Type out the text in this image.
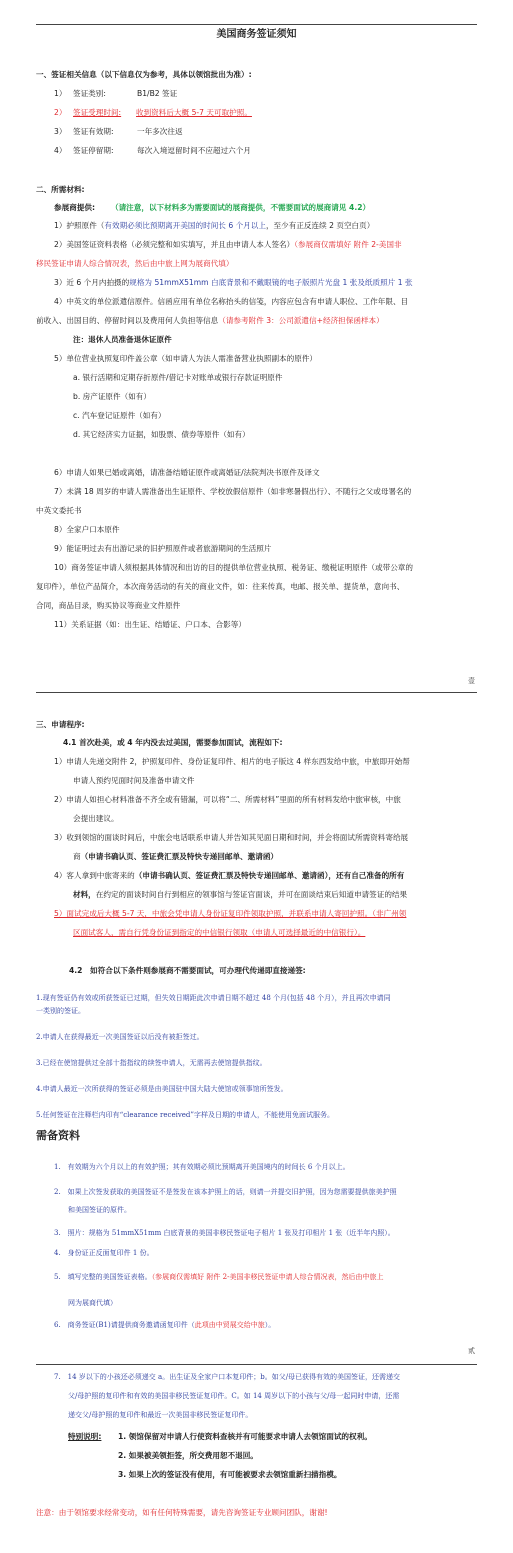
美国商务签证须知
一、签证相关信息（以下信息仅为参考，具体以领馆批出为准）:
1） 签证类别:	B1/B2 签证
2） 签证受理时间: 收到资料后大概 5-7 天可取护照。
3） 签证有效期:	一年多次往返
4） 签证停留期:	每次入境逗留时间不应超过六个月
二、所需材料:
参展商提供: （请注意，以下材料多为需要面试的展商提供，不需要面试的展商请见 4.2）
1）护照原件（有效期必须比预期离开美国的时间长 6 个月以上，至少有正反连续 2 页空白页）
2）美国签证资料表格（必须完整和如实填写，并且由申请人本人签名）（参展商仅需填好 附件 2-美国非
移民签证申请人综合情况表，然后由中旅上网为展商代填）
3）近 6 个月内拍摄的规格为 51mmX51mm 白底背景和不戴眼镜的电子版照片光盘 1 张及纸质照片 1 张
4）中英文的单位派遣信原件。信函应用有单位名称抬头的信笺，内容应包含有申请人职位、工作年限、目
前收入、出国目的、停留时间以及费用何人负担等信息（请参考附件 3：公司派遣信+经济担保函样本）
注：退休人员准备退休证原件
5）单位营业执照复印件盖公章（如申请人为法人需准备营业执照副本的原件）
a. 银行活期和定期存折原件/借记卡对账单或银行存款证明原件
b. 房产证原件（如有）
c. 汽车登记证原件（如有）
d. 其它经济实力证据，如股票、债券等原件（如有）
6）申请人如果已婚或离婚，请准备结婚证原件或离婚证/法院判决书原件及译文
7）未满 18 周岁的申请人需准备出生证原件、学校放假信原件（如非寒暑假出行）、不随行之父或母署名的
中英文委托书
8）全家户口本原件
9）能证明过去有出游记录的旧护照原件或者旅游期间的生活照片
10）商务签证申请人须根据具体情况和出访的目的提供单位营业执照、税务证、缴税证明原件（或带公章的
复印件），单位产品简介，本次商务活动的有关的商业文件，如：往来传真，电邮、报关单、提货单，意向书、
合同，商品目录，购买协议等商业文件原件
11）关系证据（如：出生证、结婚证、户口本、合影等）
壹
三、申请程序:
4.1 首次赴美，或 4 年内没去过美国，需要参加面试，流程如下:
1）申请人先递交附件 2，护照复印件、身份证复印件、相片的电子版这 4 样东西发给中旅，中旅即开始帮
申请人预约见面时间及准备申请文件
2）申请人如担心材料准备不齐全或有错漏，可以将“二、所需材料”里面的所有材料发给中旅审核，中旅
会提出建议。
3）收到领馆的面谈时间后，中旅会电话联系申请人并告知其见面日期和时间，并会将面试所需资料寄给展
商（申请书确认页、签证费汇票及特快专递回邮单、邀请函）
4）客人拿到中旅寄来的（申请书确认页、签证费汇票及特快专递回邮单、邀请函），还有自己准备的所有
材料，在约定的面谈时间自行到相应的领事馆与签证官面谈，并可在面谈结束后知道申请签证的结果
5）面试完成后大概 5-7 天，中旅会凭申请人身份证复印件领取护照，并联系申请人寄回护照。（非广州领
区面试客人，需自行凭身份证到指定的中信银行领取（申请人可选择最近的中信银行）。
4.2　如符合以下条件则参展商不需要面试，可办理代传递即直接递签:
1.现有签证仍有效或所获签证已过期，但失效日期距此次申请日期不超过 48 个月(包括 48 个月），并且再次申请同
一类别的签证。
2.申请人在获得最近一次美国签证以后没有被拒签过。
3.已经在使馆提供过全部十指指纹的续签申请人，无需再去使馆提供指纹。
4.申请人最近一次所获得的签证必须是由美国驻中国大陆大使馆或领事馆所签发。
5.任何签证在注释栏内印有“clearance received”字样及日期的申请人，不能使用免面试服务。
需备资料
1.　有效期为六个月以上的有效护照；其有效期必须比预期离开美国境内的时间长 6 个月以上。
2.　如果上次签发获取的美国签证不是签发在该本护照上的话，则请一并提交旧护照，因为您需要提供旅美护照
和美国签证的原件。
3.　照片：规格为 51mmX51mm 白底背景的美国非移民签证电子相片 1 张及打印相片 1 张（近半年内照）。
4.　身份证正反面复印件 1 份。
5.　填写完整的美国签证表格。（参展商仅需填好 附件 2-美国非移民签证申请人综合情况表，然后由中旅上
网为展商代填）
6.　商务签证(B1)请提供商务邀请函复印件（此项由中贸展交给中旅）。
贰
7.　14 岁以下的小孩还必须递交 a。出生证及全家户口本复印件；b。如父/母已获得有效的美国签证，还需递交
父/母护照的复印件和有效的美国非移民签证复印件。C。如 14 周岁以下的小孩与父/母一起同时申请，还需
递交父/母护照的复印件和最近一次美国非移民签证复印件。
特别说明: 1. 领馆保留对申请人行使资料查核并有可能要求申请人去领馆面试的权利。
2. 如果被美领拒签，所交费用恕不退回。
3. 如果上次的签证没有使用，有可能被要求去领馆重新扫描指模。
注意：由于领馆要求经常变动，如有任何特殊需要，请先咨询签证专业顾问团队，谢谢!
